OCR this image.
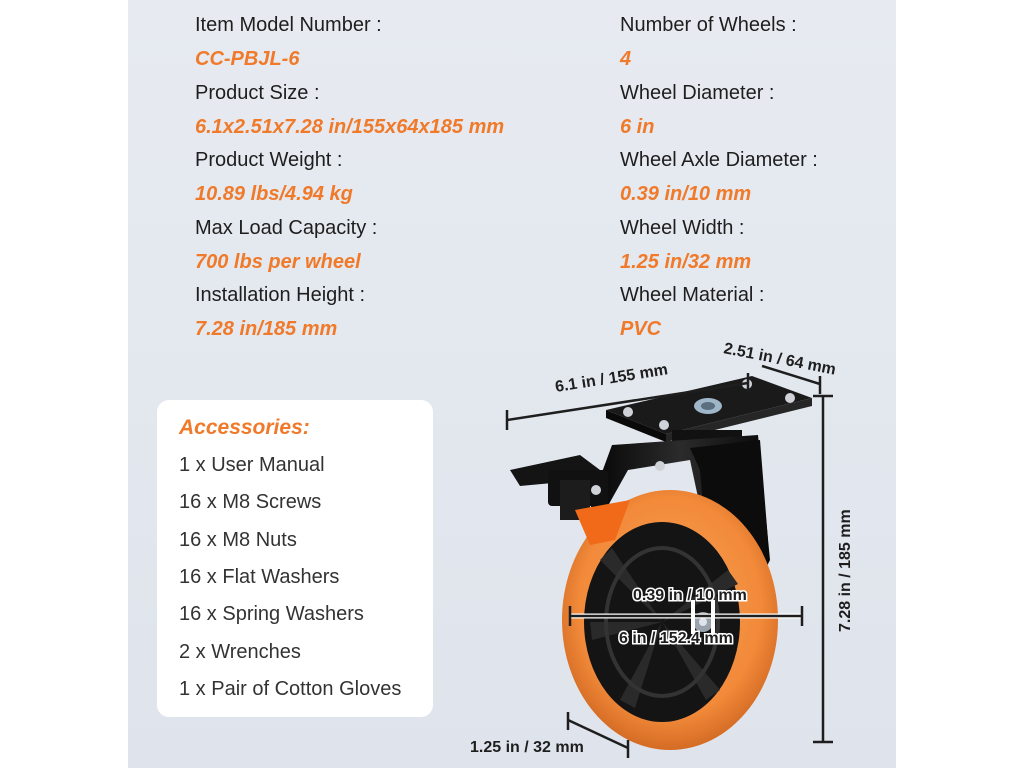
Item Model Number :
CC-PBJL-6
Product Size :
6.1x2.51x7.28 in/155x64x185 mm
Product Weight :
10.89 lbs/4.94 kg
Max Load Capacity :
700 lbs per wheel
Installation Height :
7.28 in/185 mm
Number of Wheels :
4
Wheel Diameter :
6 in
Wheel Axle Diameter :
0.39 in/10 mm
Wheel Width :
1.25 in/32 mm
Wheel Material :
PVC
Accessories:
1 x User Manual
16 x M8 Screws
16 x M8 Nuts
16 x Flat Washers
16 x Spring Washers
2 x Wrenches
1 x Pair of Cotton Gloves
6.1 in / 155 mm
2.51 in / 64 mm
7.28 in / 185 mm
0.39 in / 10 mm
6 in / 152.4 mm
1.25 in / 32 mm
